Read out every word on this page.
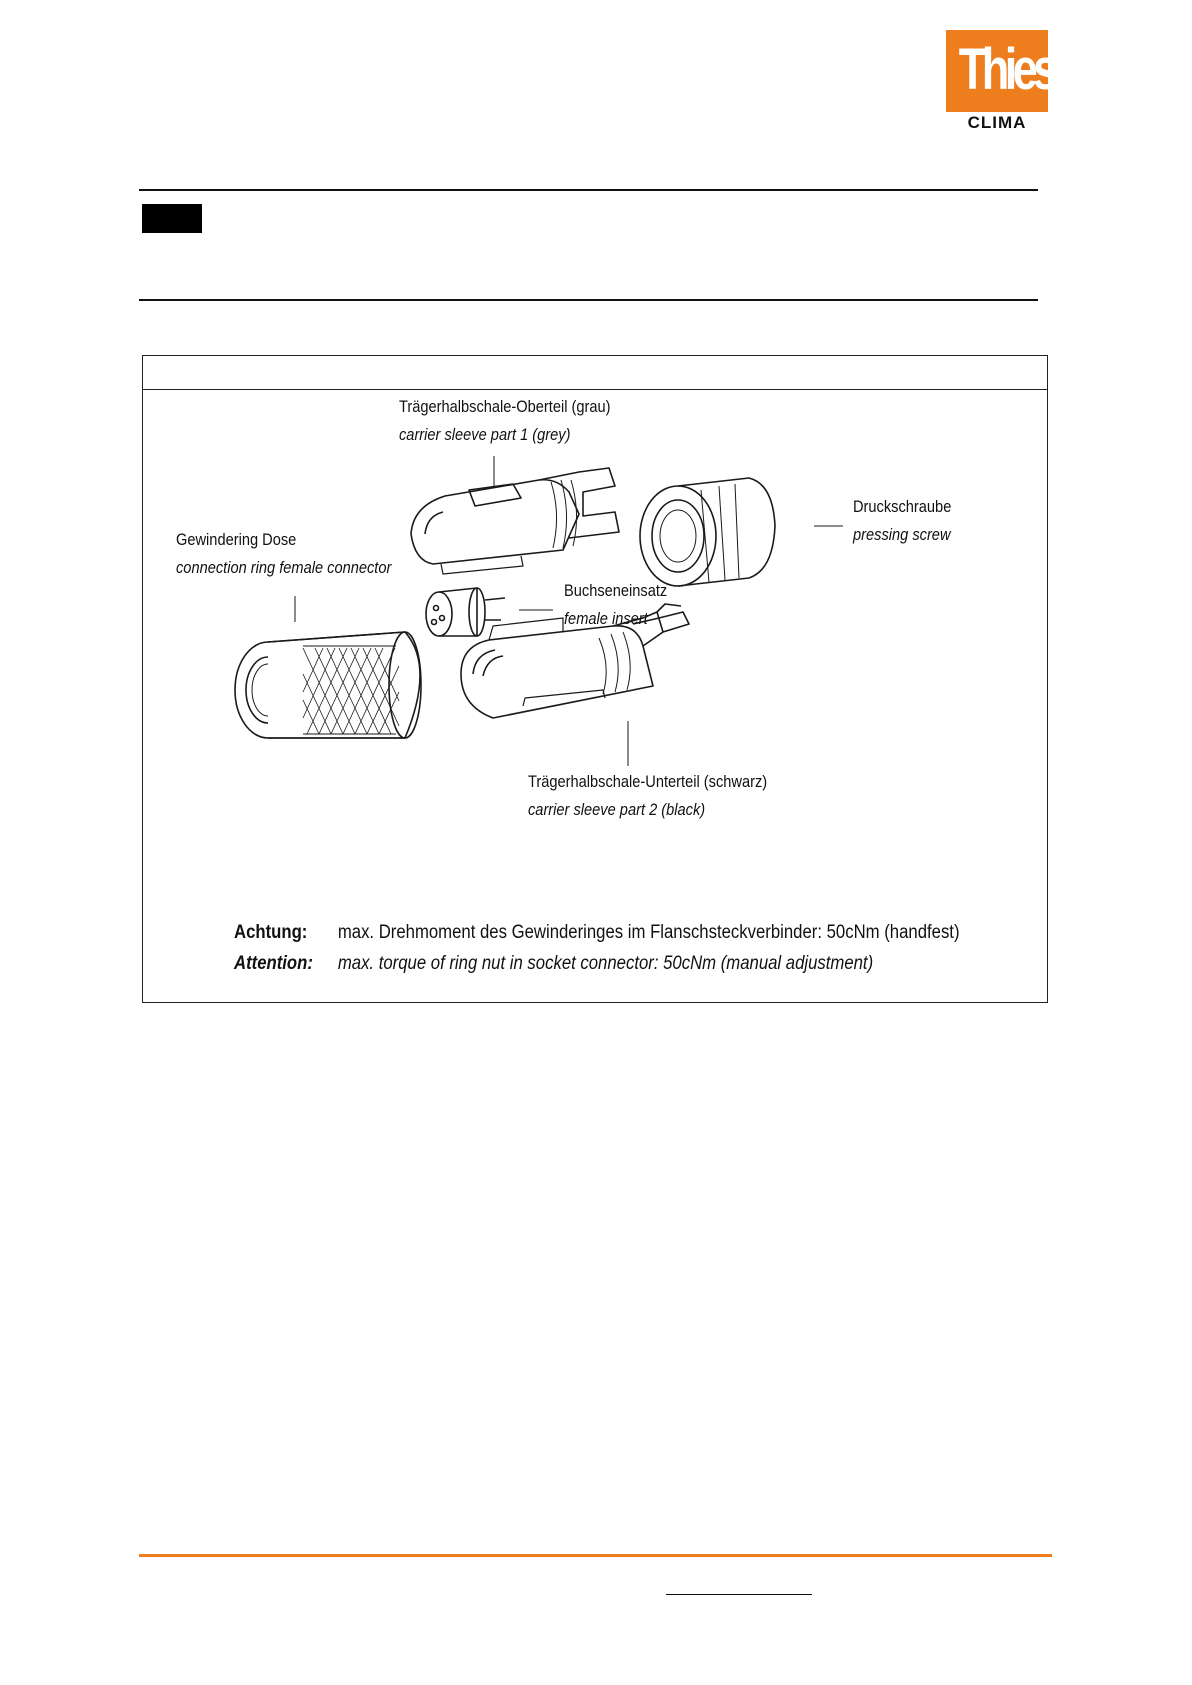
Thies
CLIMA
Trägerhalbschale-Oberteil (grau)
carrier sleeve part 1 (grey)
Druckschraube
pressing screw
Gewindering Dose
connection ring female connector
Buchseneinsatz
female insert
Trägerhalbschale-Unterteil (schwarz)
carrier sleeve part 2 (black)
Achtung: max. Drehmoment des Gewinderinges im Flanschsteckverbinder: 50cNm (handfest)
Attention: max. torque of ring nut in socket connector: 50cNm (manual adjustment)
